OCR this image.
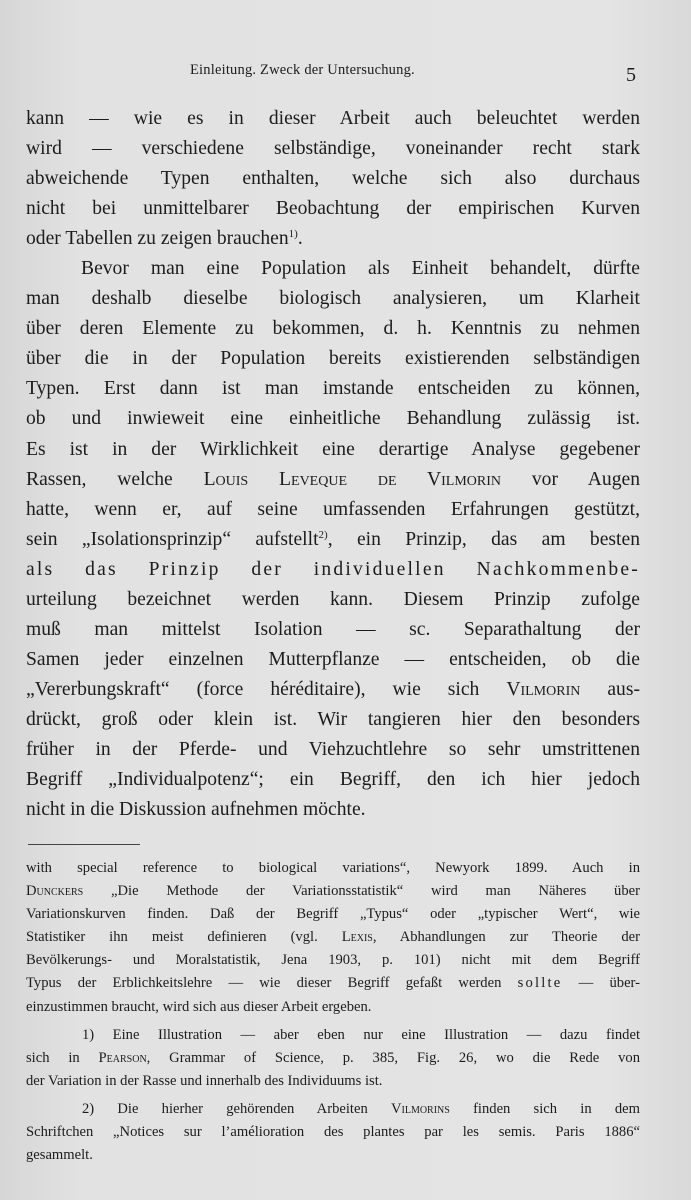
Einleitung. Zweck der Untersuchung.	5
kann — wie es in dieser Arbeit auch beleuchtet werden
wird — verschiedene selbständige, voneinander recht stark
abweichende Typen enthalten, welche sich also durchaus
nicht bei unmittelbarer Beobachtung der empirischen Kurven
oder Tabellen zu zeigen brauchen$^{1)}$.
Bevor man eine Population als Einheit behandelt, dürfte
man deshalb dieselbe biologisch analysieren, um Klarheit
über deren Elemente zu bekommen, d. h. Kenntnis zu nehmen
über die in der Population bereits existierenden selbständigen
Typen. Erst dann ist man imstande entscheiden zu können,
ob und inwieweit eine einheitliche Behandlung zulässig ist.
Es ist in der Wirklichkeit eine derartige Analyse gegebener
Rassen, welche Louis Leveque de Vilmorin vor Augen
hatte, wenn er, auf seine umfassenden Erfahrungen gestützt,
sein „Isolationsprinzip“ aufstellt$^{2)}$, ein Prinzip, das am besten
als das Prinzip der individuellen Nachkommenbe-
urteilung bezeichnet werden kann. Diesem Prinzip zufolge
muß man mittelst Isolation — sc. Separathaltung der
Samen jeder einzelnen Mutterpflanze — entscheiden, ob die
„Vererbungskraft“ (force héréditaire), wie sich Vilmorin aus-
drückt, groß oder klein ist. Wir tangieren hier den besonders
früher in der Pferde- und Viehzuchtlehre so sehr umstrittenen
Begriff „Individualpotenz“; ein Begriff, den ich hier jedoch
nicht in die Diskussion aufnehmen möchte.
with special reference to biological variations“, Newyork 1899. Auch in
Dunckers „Die Methode der Variationsstatistik“ wird man Näheres über
Variationskurven finden. Daß der Begriff „Typus“ oder „typischer Wert“, wie
Statistiker ihn meist definieren (vgl. Lexis, Abhandlungen zur Theorie der
Bevölkerungs- und Moralstatistik, Jena 1903, p. 101) nicht mit dem Begriff
Typus der Erblichkeitslehre — wie dieser Begriff gefaßt werden sollte — über-
einzustimmen braucht, wird sich aus dieser Arbeit ergeben.
1) Eine Illustration — aber eben nur eine Illustration — dazu findet
sich in Pearson, Grammar of Science, p. 385, Fig. 26, wo die Rede von
der Variation in der Rasse und innerhalb des Individuums ist.
2) Die hierher gehörenden Arbeiten Vilmorins finden sich in dem
Schriftchen „Notices sur l’amélioration des plantes par les semis. Paris 1886“
gesammelt.
